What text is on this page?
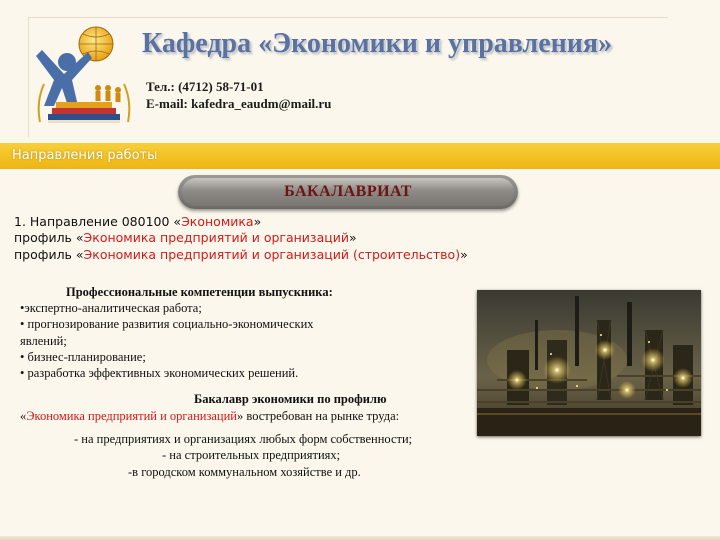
Кафедра «Экономики и управления»
Тел.: (4712) 58-71-01
E-mail: kafedra_eaudm@mail.ru
Направления работы
БАКАЛАВРИАТ
1. Направление 080100 «Экономика»
профиль «Экономика предприятий и организаций»
профиль «Экономика предприятий и организаций (строительство)»
Профессиональные компетенции выпускника:
•экспертно-аналитическая работа;
• прогнозирование развития социально-экономических
явлений;
• бизнес-планирование;
• разработка эффективных экономических решений.
Бакалавр экономики по профилю
«Экономика предприятий и организаций» востребован на рынке труда:
- на предприятиях и организациях любых форм собственности;
- на строительных предприятиях;
-в городском коммунальном хозяйстве и др.
